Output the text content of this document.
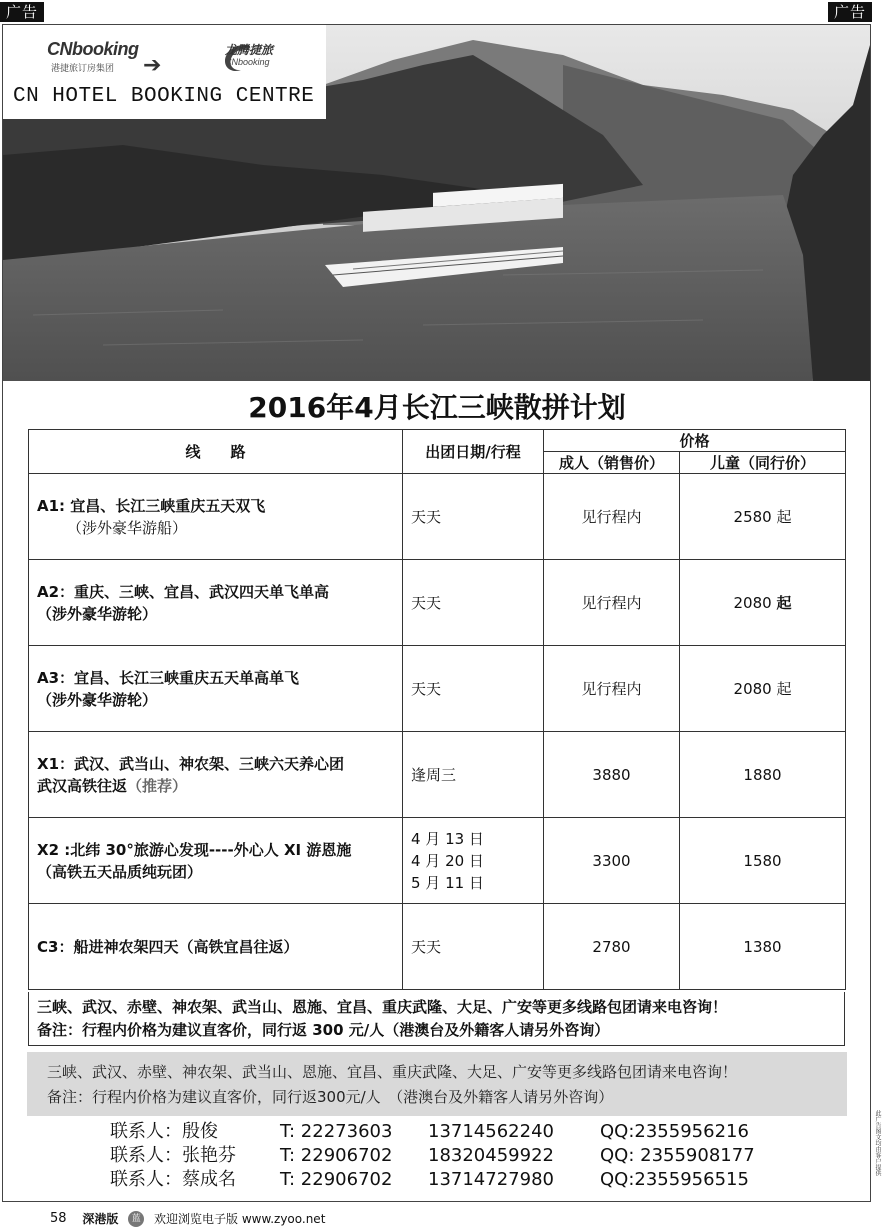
广告	广告
CNbooking
港捷旅订房集团 ➔
龙腾捷旅
CNbooking
CN HOTEL BOOKING CENTRE
2016年4月长江三峡散拼计划
线　　路	出团日期/行程	价格	
		成人（销售价）	儿童（同行价）

A1: 宜昌、长江三峡重庆五天双飞
（涉外豪华游船）	天天	见行程内	2580 起

A2：重庆、三峡、宜昌、武汉四天单飞单高
（涉外豪华游轮）	天天	见行程内	2080 起

A3：宜昌、长江三峡重庆五天单高单飞
（涉外豪华游轮）	天天	见行程内	2080 起

X1：武汉、武当山、神农架、三峡六天养心团
武汉高铁往返（推荐）	逢周三	3880	1880

X2 :北纬 30°旅游心发现----外心人 XI 游恩施
（高铁五天品质纯玩团）	4 月 13 日
4 月 20 日
5 月 11 日	3300	1580

C3：船进神农架四天（高铁宜昌往返）	天天	2780	1380
三峡、武汉、赤壁、神农架、武当山、恩施、宜昌、重庆武隆、大足、广安等更多线路包团请来电咨询！
备注：行程内价格为建议直客价，同行返 300 元/人（港澳台及外籍客人请另外咨询）
三峡、武汉、赤壁、神农架、武当山、恩施、宜昌、重庆武隆、大足、广安等更多线路包团请来电咨询！
备注：行程内价格为建议直客价，同行返300元/人　（港澳台及外籍客人请另外咨询）
联系人：殷俊	T: 22273603 13714562240	QQ:2355956216
联系人：张艳芬 T: 22906702 18320459922	QQ: 2355908177
联系人：蔡成名 T: 22906702 13714727980	QQ:2355956515
58 深港版 蓝 欢迎浏览电子版 www.zyoo.net
此广告图文均由客户提供
